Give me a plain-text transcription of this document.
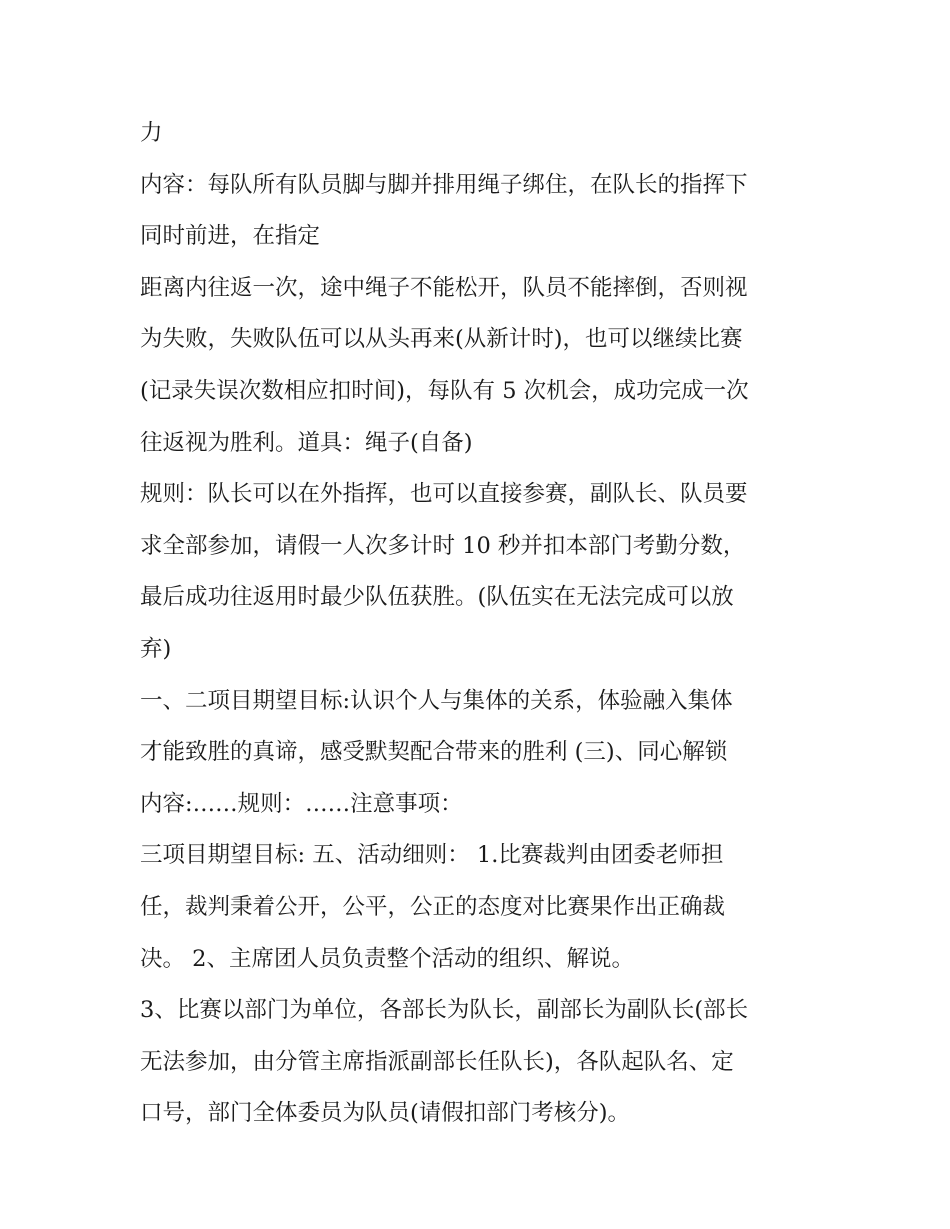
力
内容：每队所有队员脚与脚并排用绳子绑住，在队长的指挥下
同时前进，在指定
距离内往返一次，途中绳子不能松开，队员不能摔倒，否则视
为失败，失败队伍可以从头再来(从新计时)，也可以继续比赛
(记录失误次数相应扣时间)，每队有 5 次机会，成功完成一次
往返视为胜利。道具：绳子(自备)
规则：队长可以在外指挥，也可以直接参赛，副队长、队员要
求全部参加，请假一人次多计时 10 秒并扣本部门考勤分数，
最后成功往返用时最少队伍获胜。(队伍实在无法完成可以放
弃)
一、二项目期望目标:认识个人与集体的关系，体验融入集体
才能致胜的真谛，感受默契配合带来的胜利 (三)、同心解锁
内容:……规则：……注意事项：
三项目期望目标: 五、活动细则： 1.比赛裁判由团委老师担
任，裁判秉着公开，公平，公正的态度对比赛果作出正确裁
决。 2、主席团人员负责整个活动的组织、解说。
3、比赛以部门为单位，各部长为队长，副部长为副队长(部长
无法参加，由分管主席指派副部长任队长)，各队起队名、定
口号，部门全体委员为队员(请假扣部门考核分)。
